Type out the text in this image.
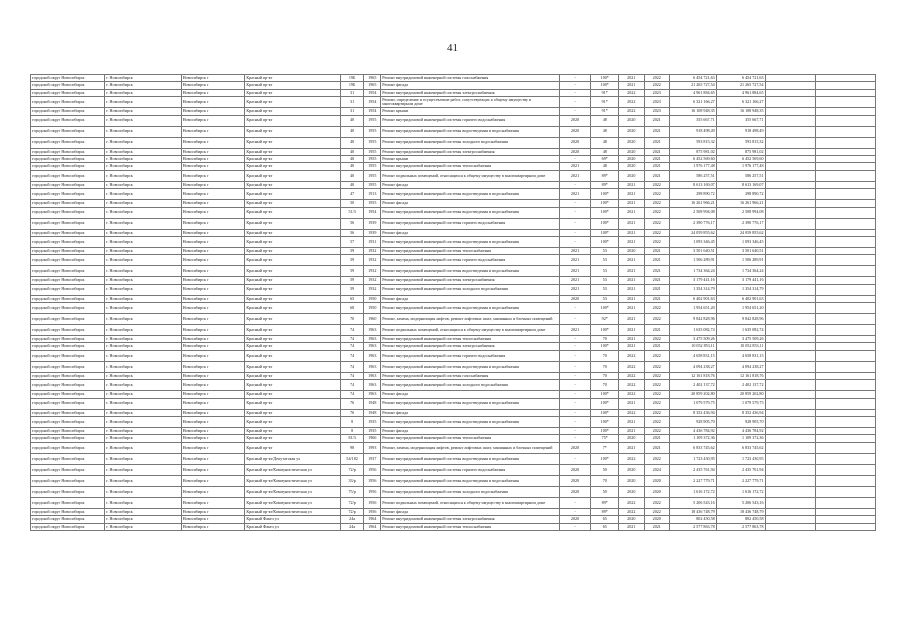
41
городской округ Новосибирск	г. Новосибирск	Новосибирск г	Красный пр-кт	19Б	1965	Ремонт внутридомовой инженерной системы газоснабжения				-	100*	2021	2022	6 454 721,63	6 454 721,63		
городской округ Новосибирск	г. Новосибирск	Новосибирск г	Красный пр-кт	19Б	1965	Ремонт фасада				-	100*	2021	2022	21 265 727,54	21 265 727,54		
городской округ Новосибирск	г. Новосибирск	Новосибирск г	Красный пр-кт	31	1954	Ремонт внутридомовой инженерной системы электроснабжения				-	91*	2022	2023	4 961 884,65	4 961 884,65		
городской округ Новосибирск	г. Новосибирск	Новосибирск г	Красный пр-кт	31	1954	Ремонт, определение и осуществление работ, сопутствующих к общему имуществу в многоквартирном доме				-	91*	2022	2023	6 321 166,27	6 321 166,27		
городской округ Новосибирск	г. Новосибирск	Новосибирск г	Красный пр-кт	31	1954	Ремонт крыши				-	91*	2022	2023	16 108 948,35	16 108 948,35		
городской округ Новосибирск	г. Новосибирск	Новосибирск г	Красный пр-кт	40	1955	Ремонт внутридомовой инженерной системы горячего водоснабжения				2020	48	2020	2021	355 667,71	355 667,71		
городской округ Новосибирск	г. Новосибирск	Новосибирск г	Красный пр-кт	40	1955	Ремонт внутридомовой инженерной системы водоотведения и водоснабжения				2020	48	2020	2021	918 498,49	918 498,49		
городской округ Новосибирск	г. Новосибирск	Новосибирск г	Красный пр-кт	40	1955	Ремонт внутридомовой инженерной системы холодного водоснабжения				2020	48	2020	2021	593 815,32	593 815,32		
городской округ Новосибирск	г. Новосибирск	Новосибирск г	Красный пр-кт	40	1955	Ремонт внутридомовой инженерной системы электроснабжения				2020	48	2020	2021	875 981,02	875 981,02		
городской округ Новосибирск	г. Новосибирск	Новосибирск г	Красный пр-кт	40	1955	Ремонт крыши				-	69*	2020	2021	6 452 569,60	6 452 569,60		
городской округ Новосибирск	г. Новосибирск	Новосибирск г	Красный пр-кт	40	1955	Ремонт внутридомовой инженерной системы теплоснабжения				2021	48	2020	2021	1 976 177,48	1 976 177,48		
городской округ Новосибирск	г. Новосибирск	Новосибирск г	Красный пр-кт	40	1955	Ремонт подвальных помещений, относящихся к общему имуществу в многоквартирном доме				2021	89*	2020	2021	586 257,51	586 257,51		
городской округ Новосибирск	г. Новосибирск	Новосибирск г	Красный пр-кт	40	1955	Ремонт фасада				-	89*	2021	2022	8 613 169,07	8 613 169,07		
городской округ Новосибирск	г. Новосибирск	Новосибирск г	Красный пр-кт	47	1913	Ремонт внутридомовой инженерной системы водоотведения и водоснабжения				2021	100*	2021	2022	298 890,72	298 890,72		
городской округ Новосибирск	г. Новосибирск	Новосибирск г	Красный пр-кт	50	1955	Ремонт фасада				-	100*	2021	2022	16 261 966,21	16 261 966,21		
городской округ Новосибирск	г. Новосибирск	Новосибирск г	Красный пр-кт	51/3	1954	Ремонт внутридомовой инженерной системы водоотведения и водоснабжения				-	100*	2021	2022	2 508 994,08	2 508 994,08		
городской округ Новосибирск	г. Новосибирск	Новосибирск г	Красный пр-кт	56	1939	Ремонт внутридомовой инженерной системы горячего водоснабжения				-	100*	2021	2022	2 390 776,17	2 390 776,17		
городской округ Новосибирск	г. Новосибирск	Новосибирск г	Красный пр-кт	56	1939	Ремонт фасада				-	100*	2021	2022	24 059 855,62	24 059 855,62		
городской округ Новосибирск	г. Новосибирск	Новосибирск г	Красный пр-кт	57	1931	Ремонт внутридомовой инженерной системы водоотведения и водоснабжения				-	100*	2021	2022	1 093 346,45	1 093 346,45		
городской округ Новосибирск	г. Новосибирск	Новосибирск г	Красный пр-кт	59	1932	Ремонт внутридомовой инженерной системы теплоснабжения				2021	53	2020	2021	3 501 640,51	3 501 640,51		
городской округ Новосибирск	г. Новосибирск	Новосибирск г	Красный пр-кт	59	1932	Ремонт внутридомовой инженерной системы горячего водоснабжения				2021	53	2021	2021	1 506 289,91	1 506 289,91		
городской округ Новосибирск	г. Новосибирск	Новосибирск г	Красный пр-кт	59	1932	Ремонт внутридомовой инженерной системы водоотведения и водоснабжения				2021	53	2021	2021	1 734 364,24	1 734 364,24		
городской округ Новосибирск	г. Новосибирск	Новосибирск г	Красный пр-кт	59	1932	Ремонт внутридомовой инженерной системы электроснабжения				2021	53	2021	2021	3 179 441,16	3 179 441,16		
городской округ Новосибирск	г. Новосибирск	Новосибирск г	Красный пр-кт	59	1932	Ремонт внутридомовой инженерной системы холодного водоснабжения				2021	53	2021	2021	1 354 314,79	1 354 314,79		
городской округ Новосибирск	г. Новосибирск	Новосибирск г	Красный пр-кт	65	1950	Ремонт фасада				2020	53	2021	2021	6 402 901,63	6 402 901,63		
городской округ Новосибирск	г. Новосибирск	Новосибирск г	Красный пр-кт	68	1950	Ремонт внутридомовой инженерной системы водоотведения и водоснабжения				-	100*	2021	2022	1 954 651,20	1 954 651,20		
городской округ Новосибирск	г. Новосибирск	Новосибирск г	Красный пр-кт	70	1960	Ремонт, замена, модернизация лифтов, ремонт лифтовых шахт, машинных и блочных помещений				-	92*	2021	2022	9 842 828,96	9 842 828,96		
городской округ Новосибирск	г. Новосибирск	Новосибирск г	Красный пр-кт	74	1963	Ремонт подвальных помещений, относящихся к общему имуществу в многоквартирном доме				2021	100*	2021	2021	1 635 082,74	1 635 082,74		
городской округ Новосибирск	г. Новосибирск	Новосибирск г	Красный пр-кт	74	1963	Ремонт внутридомовой инженерной системы теплоснабжения				-	70	2021	2022	3 475 509,26	3 475 509,26		
городской округ Новосибирск	г. Новосибирск	Новосибирск г	Красный пр-кт	74	1963	Ремонт внутридомовой инженерной системы электроснабжения				-	100*	2021	2021	10 052 853,11	10 052 853,11		
городской округ Новосибирск	г. Новосибирск	Новосибирск г	Красный пр-кт	74	1963	Ремонт внутридомовой инженерной системы горячего водоснабжения				-	70	2022	2022	4 658 831,15	4 658 831,15		
городской округ Новосибирск	г. Новосибирск	Новосибирск г	Красный пр-кт	74	1963	Ремонт внутридомовой инженерной системы водоотведения и водоснабжения				-	70	2022	2022	4 094 238,27	4 094 238,27		
городской округ Новосибирск	г. Новосибирск	Новосибирск г	Красный пр-кт	74	1963	Ремонт внутридомовой инженерной системы газоснабжения				-	70	2022	2022	12 161 818,76	12 161 818,76		
городской округ Новосибирск	г. Новосибирск	Новосибирск г	Красный пр-кт	74	1963	Ремонт внутридомовой инженерной системы холодного водоснабжения				-	70	2022	2022	2 402 137,72	2 402 137,72		
городской округ Новосибирск	г. Новосибирск	Новосибирск г	Красный пр-кт	74	1963	Ремонт фасада				-	100*	2022	2022	20 859 202,80	20 859 202,80		
городской округ Новосибирск	г. Новосибирск	Новосибирск г	Красный пр-кт	76	1948	Ремонт внутридомовой инженерной системы водоотведения и водоснабжения				-	100*	2021	2022	1 079 579,75	1 079 579,75		
городской округ Новосибирск	г. Новосибирск	Новосибирск г	Красный пр-кт	76	1948	Ремонт фасада				-	100*	2022	2022	8 352 436,94	8 352 436,94		
городской округ Новосибирск	г. Новосибирск	Новосибирск г	Красный пр-кт	8	1935	Ремонт внутридомовой инженерной системы водоотведения и водоснабжения				-	100*	2021	2022	928 905,70	928 905,70		
городской округ Новосибирск	г. Новосибирск	Новосибирск г	Красный пр-кт	8	1935	Ремонт фасада				-	100*	2021	2022	4 436 784,92	4 436 784,92		
городской округ Новосибирск	г. Новосибирск	Новосибирск г	Красный пр-кт	81/3	1966	Ремонт внутридомовой инженерной системы теплоснабжения				-	75*	2020	2021	1 109 372,36	1 109 372,36		
городской округ Новосибирск	г. Новосибирск	Новосибирск г	Красный пр-кт	98	1993	Ремонт, замена, модернизация лифтов, ремонт лифтовых шахт, машинных и блочных помещений				2020	7*	2021	2021	6 833 745,62	6 833 745,62		
городской округ Новосибирск	г. Новосибирск	Новосибирск г	Красный пр-кт/Депутатская ул	54/182	1937	Ремонт внутридомовой инженерной системы водоотведения и водоснабжения				-	100*	2022	2022	1 723 430,95	1 723 430,95		
городской округ Новосибирск	г. Новосибирск	Новосибирск г	Красный пр-кт/Коммунистическая ул	72/р	1956	Ремонт внутридомовой инженерной системы горячего водоснабжения				2020	50	2020	2024	2 435 761,94	2 435 761,94		
городской округ Новосибирск	г. Новосибирск	Новосибирск г	Красный пр-кт/Коммунистическая ул	33/р	1956	Ремонт внутридомовой инженерной системы водоотведения и водоснабжения				2020	70	2020	2020	2 227 779,71	2 227 779,71		
городской округ Новосибирск	г. Новосибирск	Новосибирск г	Красный пр-кт/Коммунистическая ул	75/р	1956	Ремонт внутридомовой инженерной системы холодного водоснабжения				2020	50	2020	2020	1 616 172,72	1 616 172,72		
городской округ Новосибирск	г. Новосибирск	Новосибирск г	Красный пр-кт/Коммунистическая ул	72/р	1956	Ремонт подвальных помещений, относящихся к общему имуществу в многоквартирном доме				-	89*	2022	2022	5 206 543,16	5 206 543,16		
городской округ Новосибирск	г. Новосибирск	Новосибирск г	Красный пр-кт/Коммунистическая ул	72/р	1956	Ремонт фасада				-	89*	2022	2022	18 436 748,79	18 436 748,79		
городской округ Новосибирск	г. Новосибирск	Новосибирск г	Красный Факел ул	24а	1964	Ремонт внутридомовой инженерной системы электроснабжения				2020	65	2020	2020	802 450,58	802 450,58		
городской округ Новосибирск	г. Новосибирск	Новосибирск г	Красный Факел ул	24а	1964	Ремонт внутридомовой инженерной системы теплоснабжения				-	65	2021	2021	2 577 863,78	2 577 863,78		
